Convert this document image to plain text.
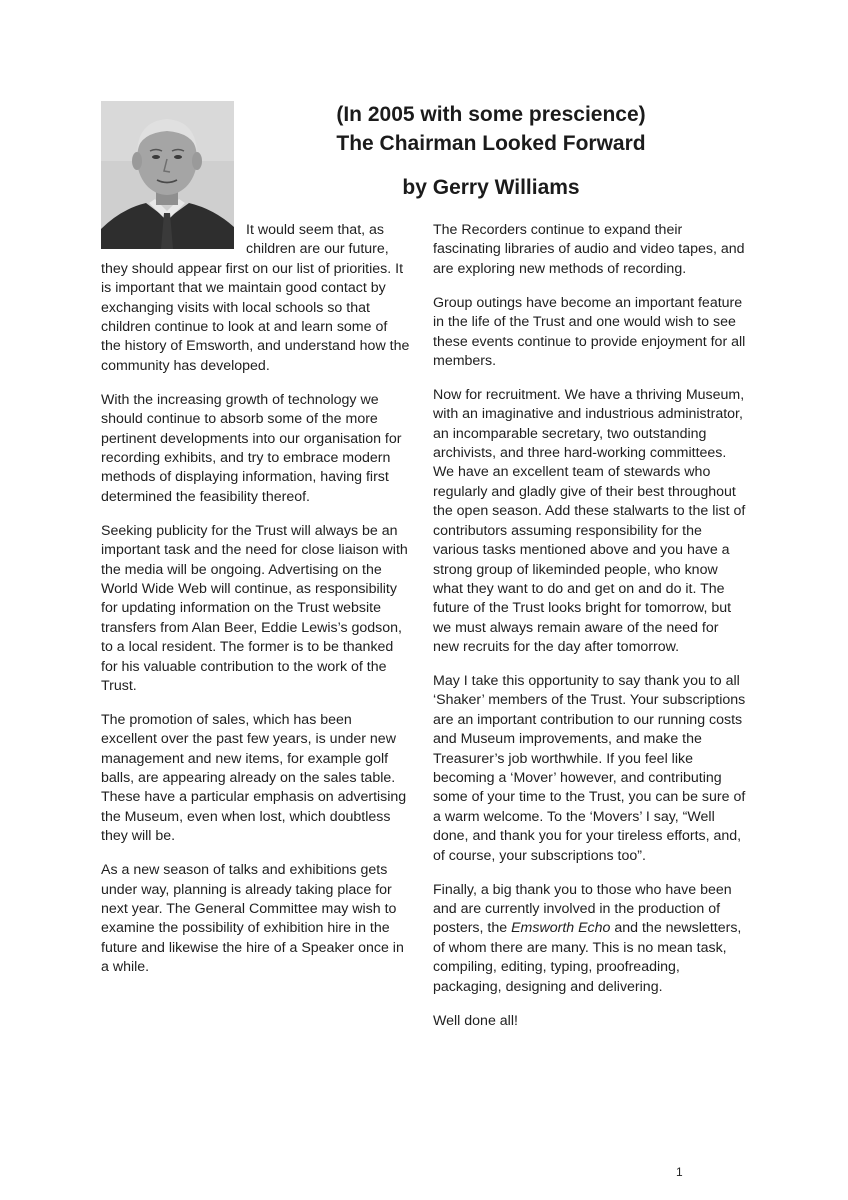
(In 2005 with some prescience)
The Chairman Looked Forward
by Gerry Williams

It would seem that, as children are our future, they should appear first on our list of priorities. It is important that we maintain good contact by exchanging visits with local schools so that children continue to look at and learn some of the history of Emsworth, and understand how the community has developed.

With the increasing growth of technology we should continue to absorb some of the more pertinent developments into our organisation for recording exhibits, and try to embrace modern methods of displaying information, having first determined the feasibility thereof.

Seeking publicity for the Trust will always be an important task and the need for close liaison with the media will be ongoing. Advertising on the World Wide Web will continue, as responsibility for updating information on the Trust website transfers from Alan Beer, Eddie Lewis’s godson, to a local resident. The former is to be thanked for his valuable contribution to the work of the Trust.

The promotion of sales, which has been excellent over the past few years, is under new management and new items, for example golf balls, are appearing already on the sales table. These have a particular emphasis on advertising the Museum, even when lost, which doubtless they will be.

As a new season of talks and exhibitions gets under way, planning is already taking place for next year. The General Committee may wish to examine the possibility of exhibition hire in the future and likewise the hire of a Speaker once in a while.

The Recorders continue to expand their fascinating libraries of audio and video tapes, and are exploring new methods of recording.

Group outings have become an important feature in the life of the Trust and one would wish to see these events continue to provide enjoyment for all members.

Now for recruitment. We have a thriving Museum, with an imaginative and industrious administrator, an incomparable secretary, two outstanding archivists, and three hard-working committees. We have an excellent team of stewards who regularly and gladly give of their best throughout the open season. Add these stalwarts to the list of contributors assuming responsibility for the various tasks mentioned above and you have a strong group of likeminded people, who know what they want to do and get on and do it. The future of the Trust looks bright for tomorrow, but we must always remain aware of the need for new recruits for the day after tomorrow.

May I take this opportunity to say thank you to all ‘Shaker’ members of the Trust. Your subscriptions are an important contribution to our running costs and Museum improvements, and make the Treasurer’s job worthwhile. If you feel like becoming a ‘Mover’ however, and contributing some of your time to the Trust, you can be sure of a warm welcome. To the ‘Movers’ I say, “Well done, and thank you for your tireless efforts, and, of course, your subscriptions too”.

Finally, a big thank you to those who have been and are currently involved in the production of posters, the Emsworth Echo and the newsletters, of whom there are many. This is no mean task, compiling, editing, typing, proofreading, packaging, designing and delivering.

Well done all!

1
